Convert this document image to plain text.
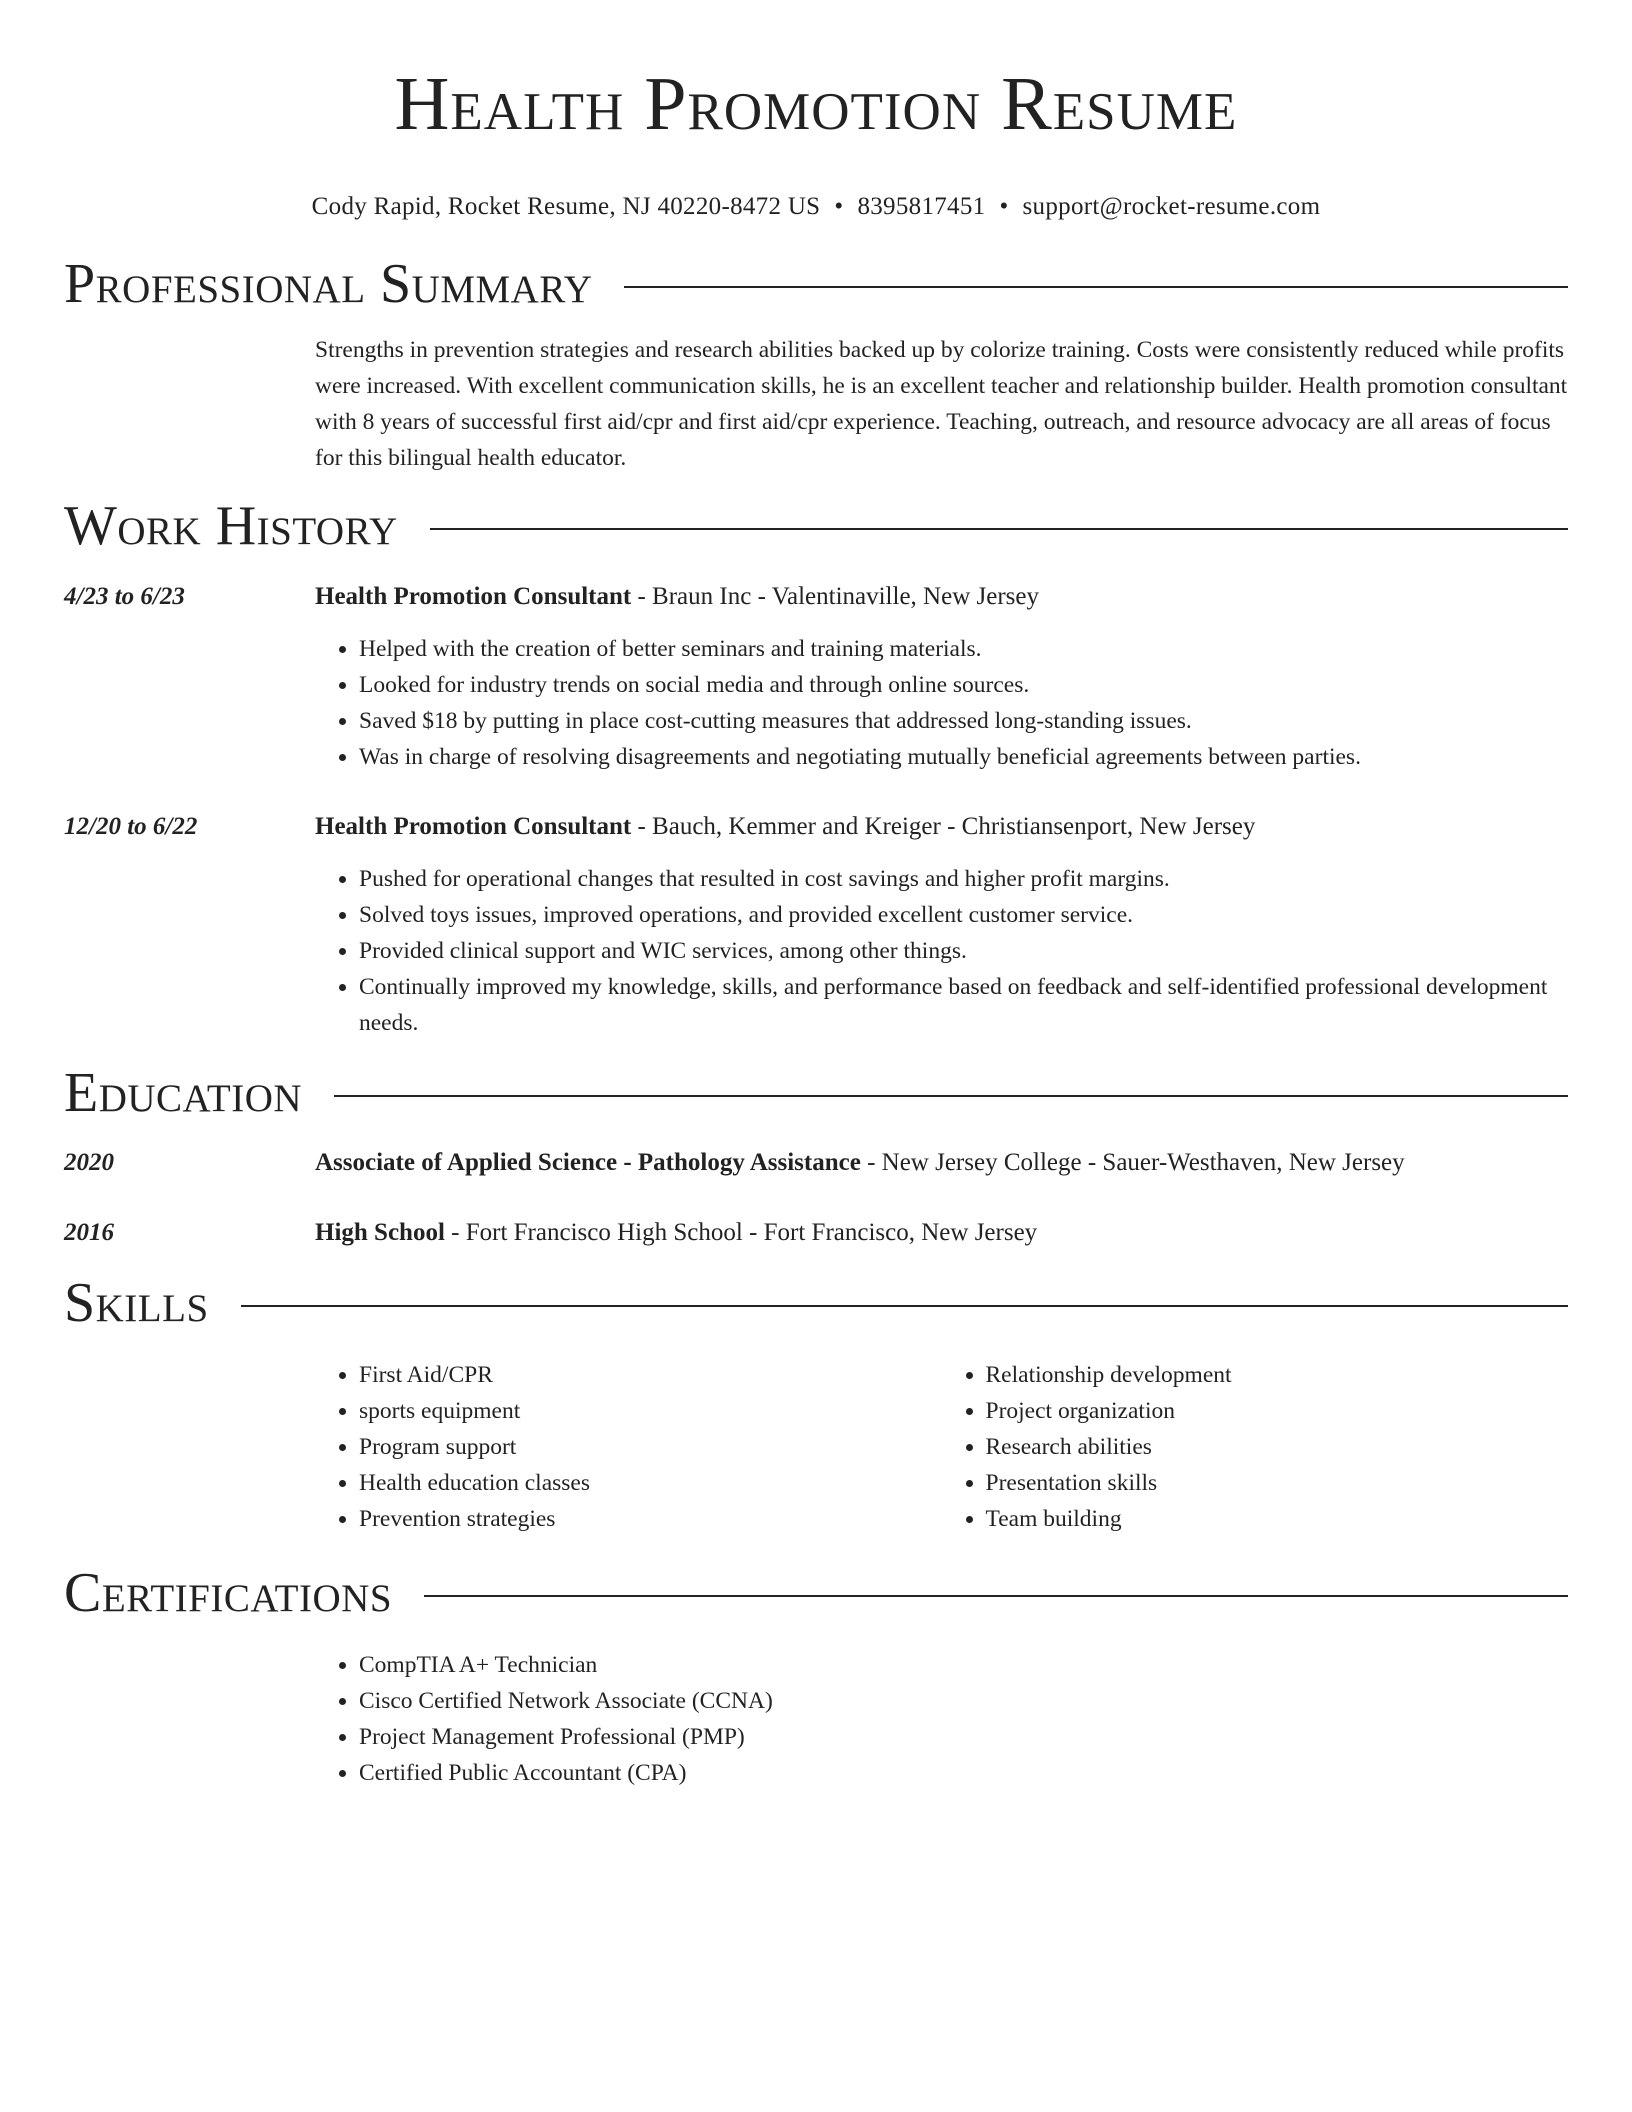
Health Promotion Resume
Cody Rapid, Rocket Resume, NJ 40220-8472 US • 8395817451 • support@rocket-resume.com
Professional Summary
Strengths in prevention strategies and research abilities backed up by colorize training. Costs were consistently reduced while profits were increased. With excellent communication skills, he is an excellent teacher and relationship builder. Health promotion consultant with 8 years of successful first aid/cpr and first aid/cpr experience. Teaching, outreach, and resource advocacy are all areas of focus for this bilingual health educator.
Work History
4/23 to 6/23	Health Promotion Consultant - Braun Inc - Valentinaville, New Jersey
• Helped with the creation of better seminars and training materials.
• Looked for industry trends on social media and through online sources.
• Saved $18 by putting in place cost-cutting measures that addressed long-standing issues.
• Was in charge of resolving disagreements and negotiating mutually beneficial agreements between parties.
12/20 to 6/22	Health Promotion Consultant - Bauch, Kemmer and Kreiger - Christiansenport, New Jersey
• Pushed for operational changes that resulted in cost savings and higher profit margins.
• Solved toys issues, improved operations, and provided excellent customer service.
• Provided clinical support and WIC services, among other things.
• Continually improved my knowledge, skills, and performance based on feedback and self-identified professional development needs.
Education
2020	Associate of Applied Science - Pathology Assistance - New Jersey College - Sauer-Westhaven, New Jersey
2016	High School - Fort Francisco High School - Fort Francisco, New Jersey
Skills
• First Aid/CPR
• sports equipment
• Program support
• Health education classes
• Prevention strategies
• Relationship development
• Project organization
• Research abilities
• Presentation skills
• Team building
Certifications
• CompTIA A+ Technician
• Cisco Certified Network Associate (CCNA)
• Project Management Professional (PMP)
• Certified Public Accountant (CPA)
